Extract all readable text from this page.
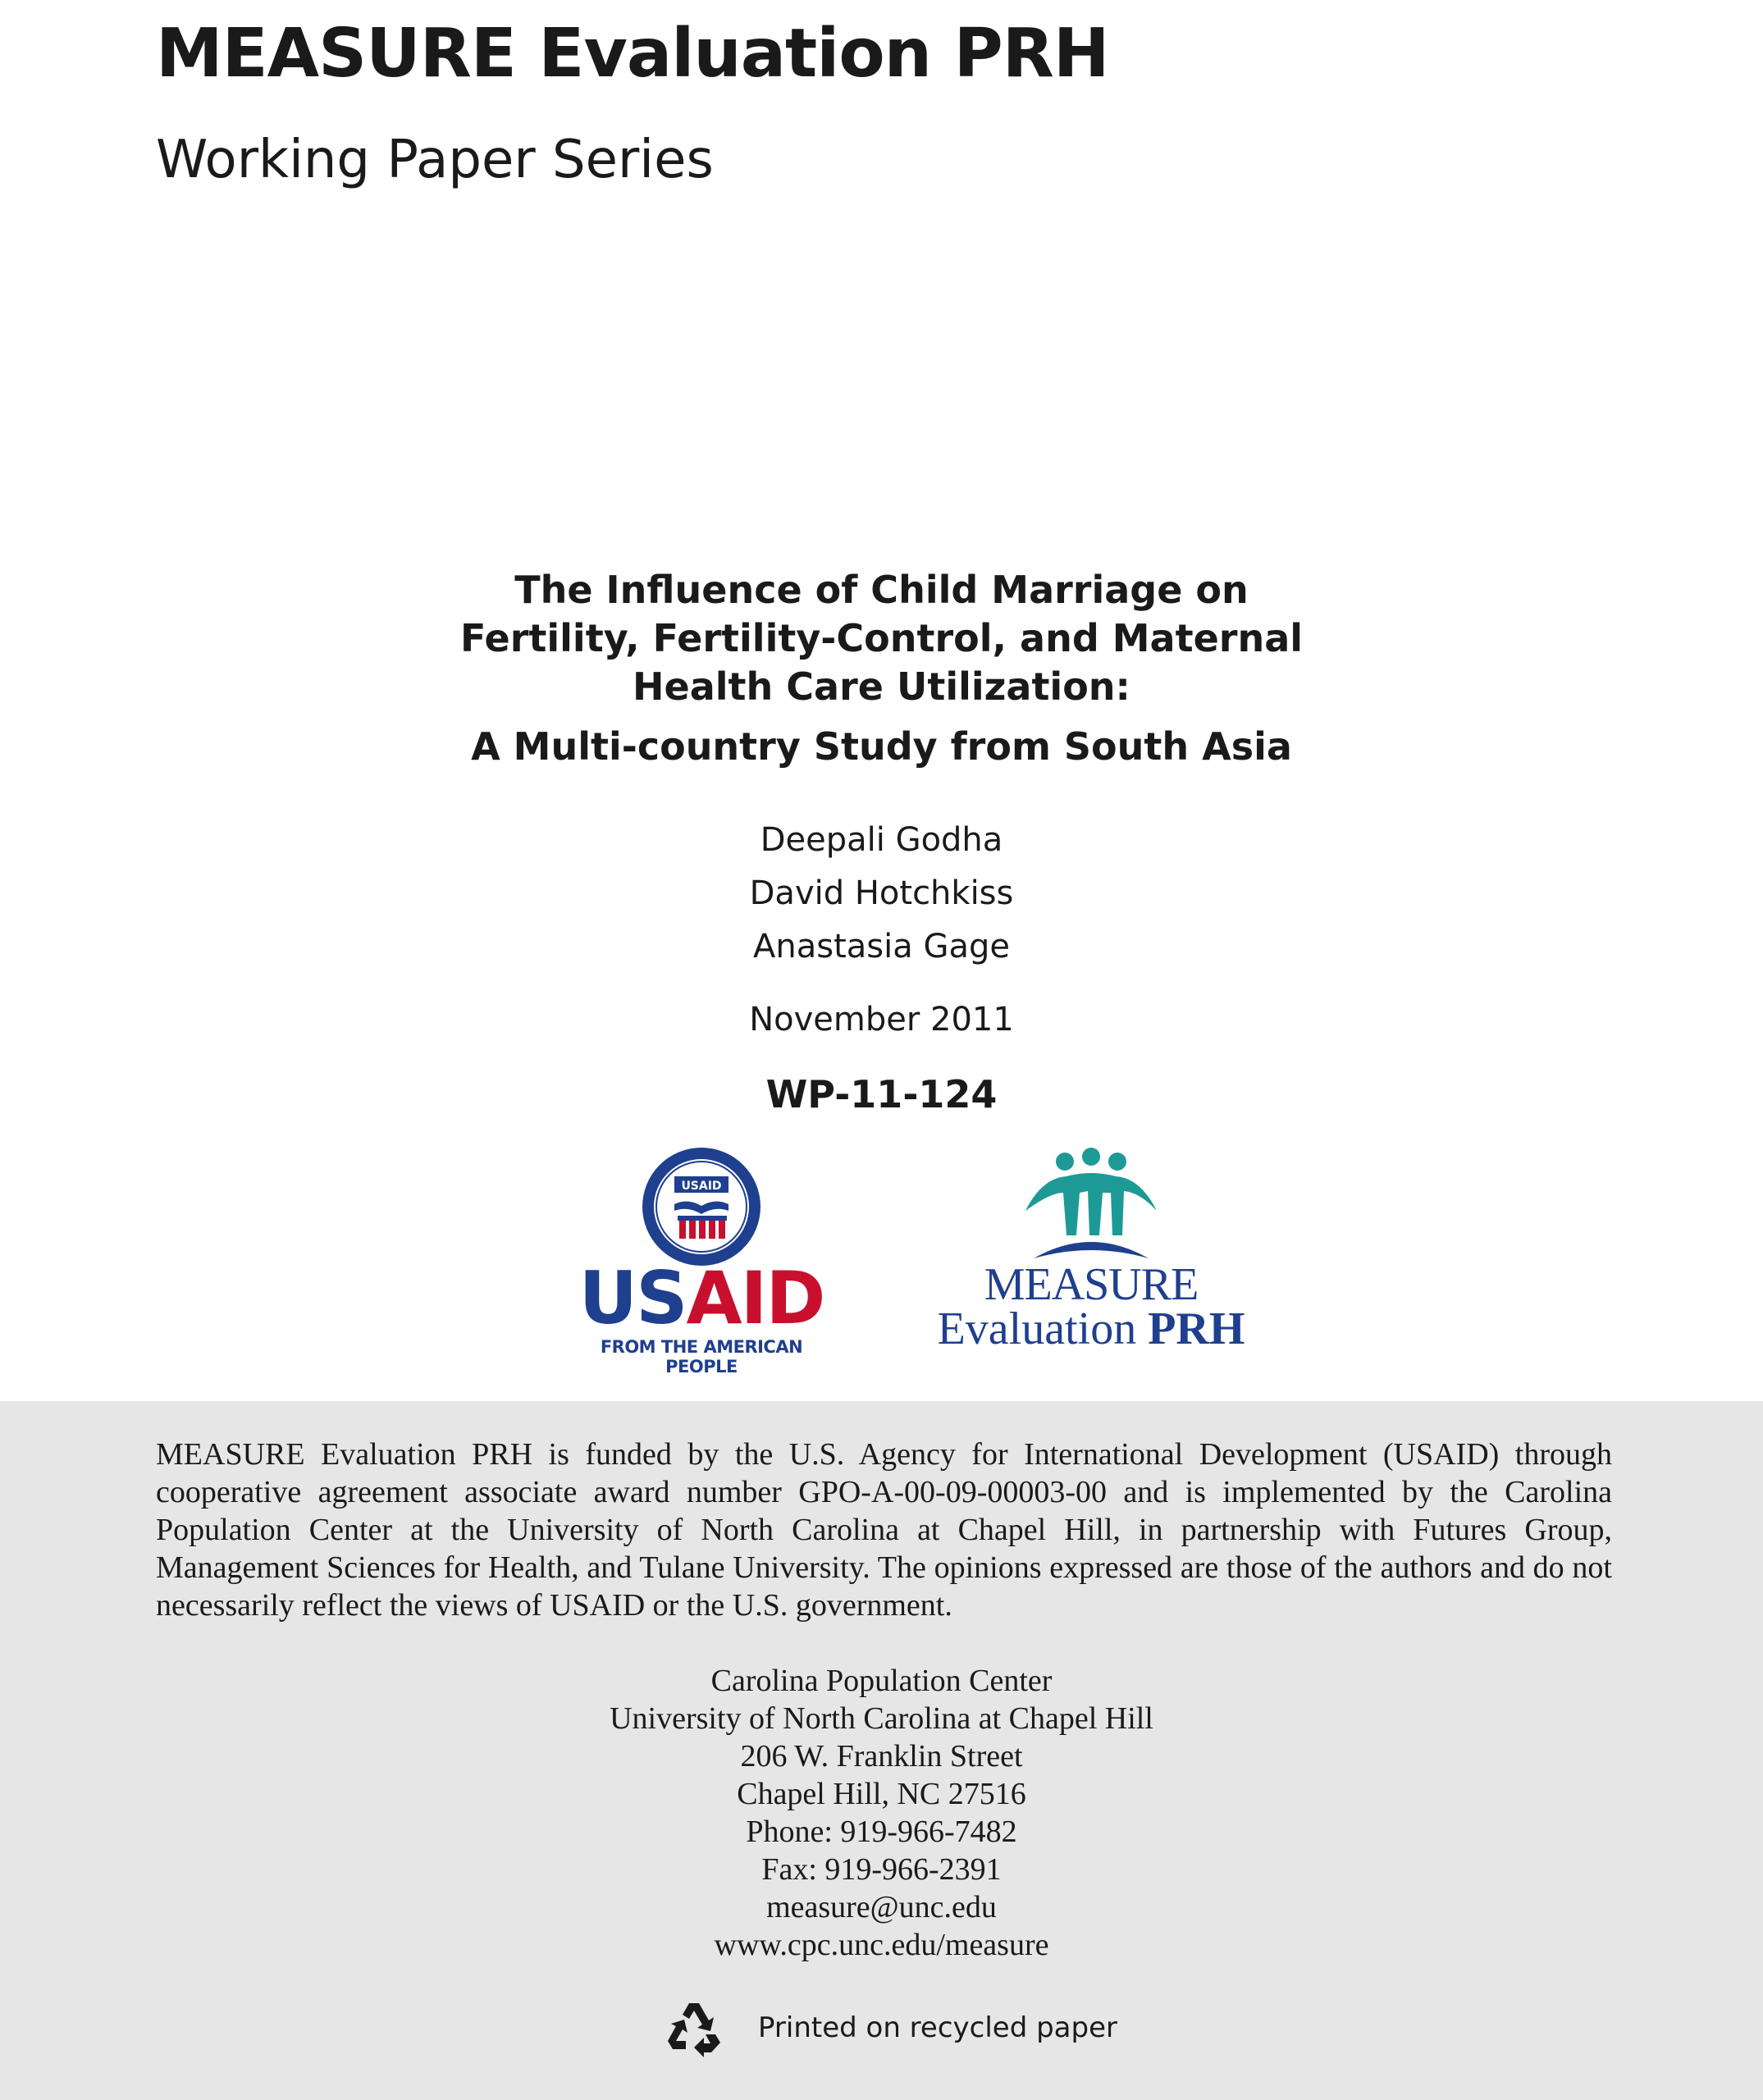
MEASURE Evaluation PRH
Working Paper Series
The Influence of Child Marriage on
Fertility, Fertility-Control, and Maternal
Health Care Utilization:
A Multi-country Study from South Asia
Deepali Godha
David Hotchkiss
Anastasia Gage
November 2011
WP-11-124
USAID
USAID
FROM THE AMERICAN PEOPLE
MEASURE
Evaluation PRH

MEASURE Evaluation PRH is funded by the U.S. Agency for International Development (USAID) through cooperative agreement associate award number GPO-A-00-09-00003-00 and is implemented by the Carolina Population Center at the University of North Carolina at Chapel Hill, in partnership with Futures Group, Management Sciences for Health, and Tulane University. The opinions expressed are those of the authors and do not necessarily reflect the views of USAID or the U.S. government.

Carolina Population Center
University of North Carolina at Chapel Hill
206 W. Franklin Street
Chapel Hill, NC 27516
Phone: 919-966-7482
Fax: 919-966-2391
measure@unc.edu
www.cpc.unc.edu/measure
Printed on recycled paper
